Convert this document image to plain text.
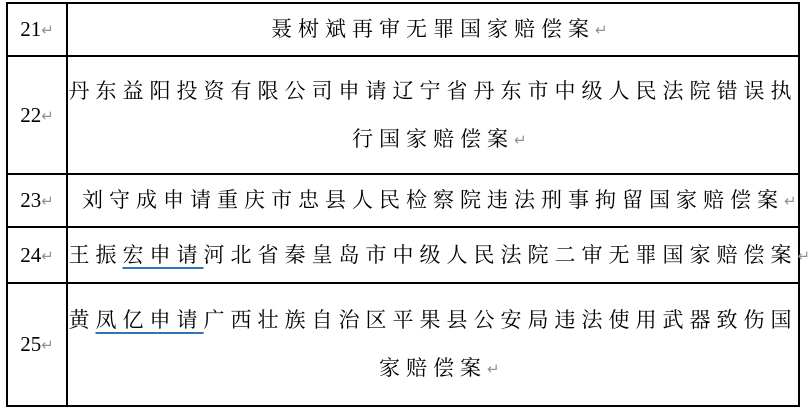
21↵	聂树斌再审无罪国家赔偿案↵
22↵	丹东益阳投资有限公司申请辽宁省丹东市中级人民法院错误执行国家赔偿案↵
23↵	刘守成申请重庆市忠县人民检察院违法刑事拘留国家赔偿案↵
24↵	王振宏申请河北省秦皇岛市中级人民法院二审无罪国家赔偿案↵
25↵	黄凤亿申请广西壮族自治区平果县公安局违法使用武器致伤国家赔偿案↵
